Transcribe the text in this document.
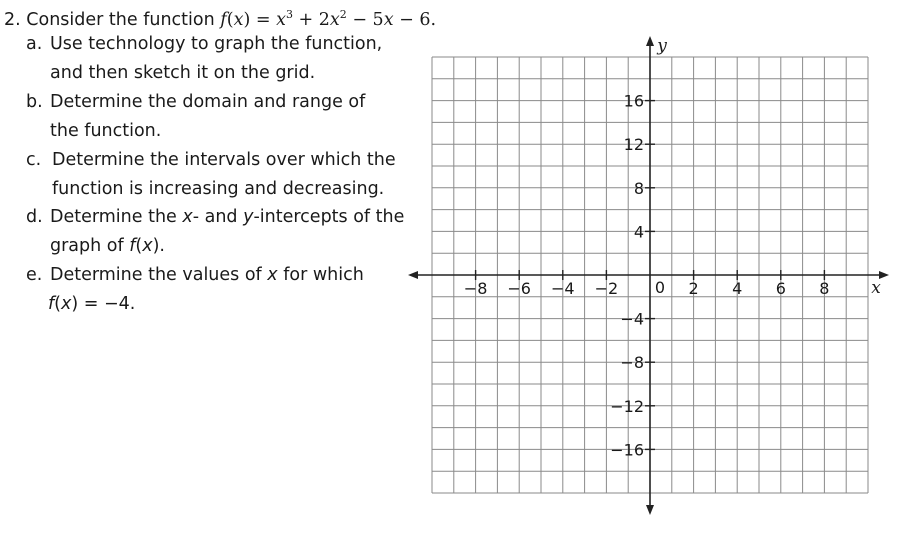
2. Consider the function $f(x) = x^3 + 2x^2 - 5x - 6$.
a. Use technology to graph the function,
and then sketch it on the grid.
b. Determine the domain and range of
the function.
c. Determine the intervals over which the
function is increasing and decreasing.
d. Determine the x- and y-intercepts of the
graph of f(x).
e. Determine the values of x for which
f(x) = −4.
−8 −6 −4 −2	2 4 6 8
16
12
8
4
−4
−8
−12
−16
0	x
y
